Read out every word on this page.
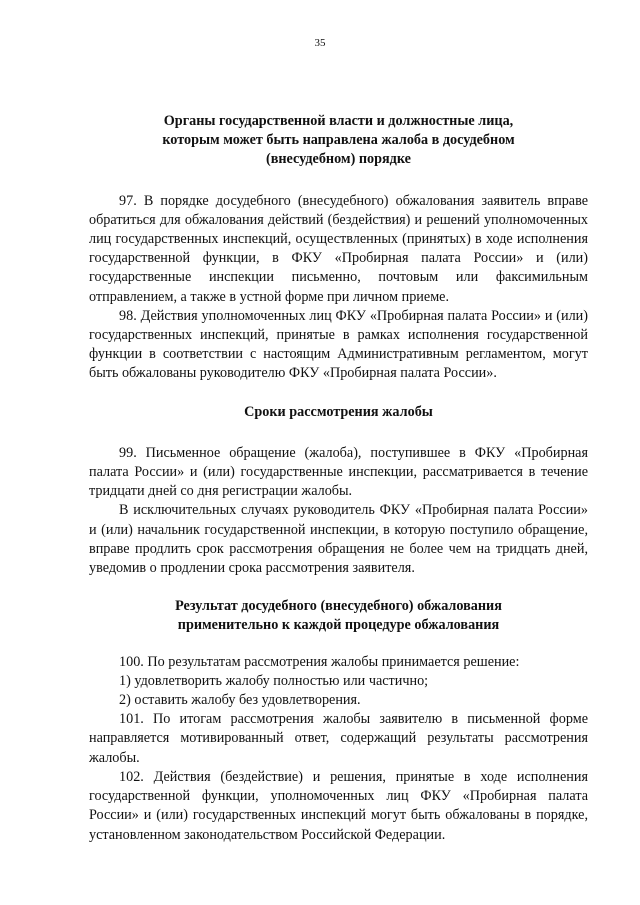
35
Органы государственной власти и должностные лица,
которым может быть направлена жалоба в досудебном
(внесудебном) порядке

97. В порядке досудебного (внесудебного) обжалования заявитель вправе обратиться для обжалования действий (бездействия) и решений уполномоченных лиц государственных инспекций, осуществленных (принятых) в ходе исполнения государственной функции, в ФКУ «Пробирная палата России» и (или) государственные инспекции письменно, почтовым или факсимильным отправлением, а также в устной форме при личном приеме.

98. Действия уполномоченных лиц ФКУ «Пробирная палата России» и (или) государственных инспекций, принятые в рамках исполнения государственной функции в соответствии с настоящим Административным регламентом, могут быть обжалованы руководителю ФКУ «Пробирная палата России».

Сроки рассмотрения жалобы

99. Письменное обращение (жалоба), поступившее в ФКУ «Пробирная палата России» и (или) государственные инспекции, рассматривается в течение тридцати дней со дня регистрации жалобы.

В исключительных случаях руководитель ФКУ «Пробирная палата России» и (или) начальник государственной инспекции, в которую поступило обращение, вправе продлить срок рассмотрения обращения не более чем на тридцать дней, уведомив о продлении срока рассмотрения заявителя.

Результат досудебного (внесудебного) обжалования
применительно к каждой процедуре обжалования

100. По результатам рассмотрения жалобы принимается решение:

1) удовлетворить жалобу полностью или частично;

2) оставить жалобу без удовлетворения.

101. По итогам рассмотрения жалобы заявителю в письменной форме направляется мотивированный ответ, содержащий результаты рассмотрения жалобы.

102. Действия (бездействие) и решения, принятые в ходе исполнения государственной функции, уполномоченных лиц ФКУ «Пробирная палата России» и (или) государственных инспекций могут быть обжалованы в порядке, установленном законодательством Российской Федерации.
